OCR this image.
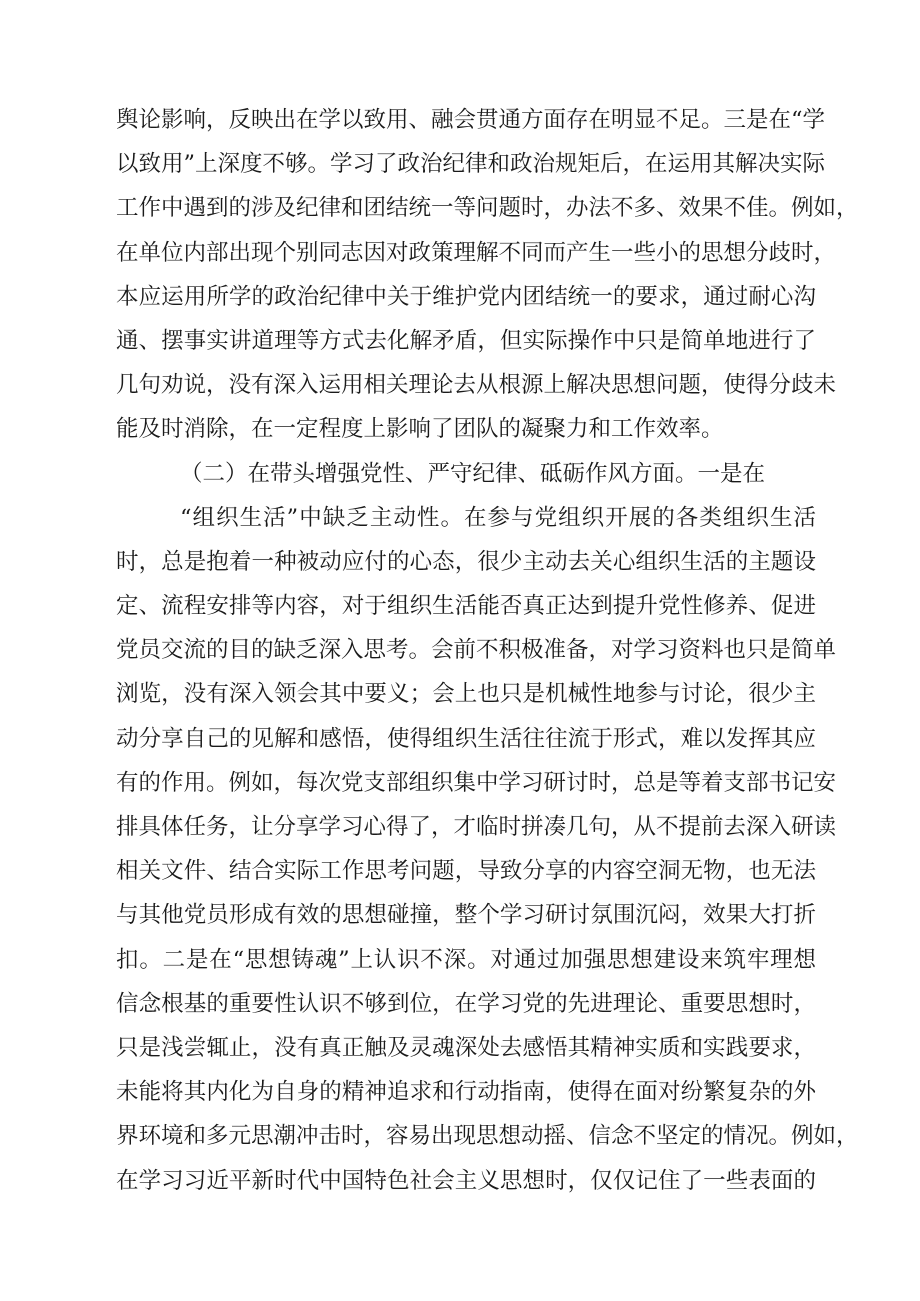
舆论影响，反映出在学以致用、融会贯通方面存在明显不足。三是在“学
以致用”上深度不够。学习了政治纪律和政治规矩后，在运用其解决实际
工作中遇到的涉及纪律和团结统一等问题时，办法不多、效果不佳。例如，
在单位内部出现个别同志因对政策理解不同而产生一些小的思想分歧时，
本应运用所学的政治纪律中关于维护党内团结统一的要求，通过耐心沟
通、摆事实讲道理等方式去化解矛盾，但实际操作中只是简单地进行了
几句劝说，没有深入运用相关理论去从根源上解决思想问题，使得分歧未
能及时消除，在一定程度上影响了团队的凝聚力和工作效率。
（二）在带头增强党性、严守纪律、砥砺作风方面。一是在
“组织生活”中缺乏主动性。在参与党组织开展的各类组织生活
时，总是抱着一种被动应付的心态，很少主动去关心组织生活的主题设
定、流程安排等内容，对于组织生活能否真正达到提升党性修养、促进
党员交流的目的缺乏深入思考。会前不积极准备，对学习资料也只是简单
浏览，没有深入领会其中要义；会上也只是机械性地参与讨论，很少主
动分享自己的见解和感悟，使得组织生活往往流于形式，难以发挥其应
有的作用。例如，每次党支部组织集中学习研讨时，总是等着支部书记安
排具体任务，让分享学习心得了，才临时拼凑几句，从不提前去深入研读
相关文件、结合实际工作思考问题，导致分享的内容空洞无物，也无法
与其他党员形成有效的思想碰撞，整个学习研讨氛围沉闷，效果大打折
扣。二是在“思想铸魂”上认识不深。对通过加强思想建设来筑牢理想
信念根基的重要性认识不够到位，在学习党的先进理论、重要思想时，
只是浅尝辄止，没有真正触及灵魂深处去感悟其精神实质和实践要求，
未能将其内化为自身的精神追求和行动指南，使得在面对纷繁复杂的外
界环境和多元思潮冲击时，容易出现思想动摇、信念不坚定的情况。例如，
在学习习近平新时代中国特色社会主义思想时，仅仅记住了一些表面的
